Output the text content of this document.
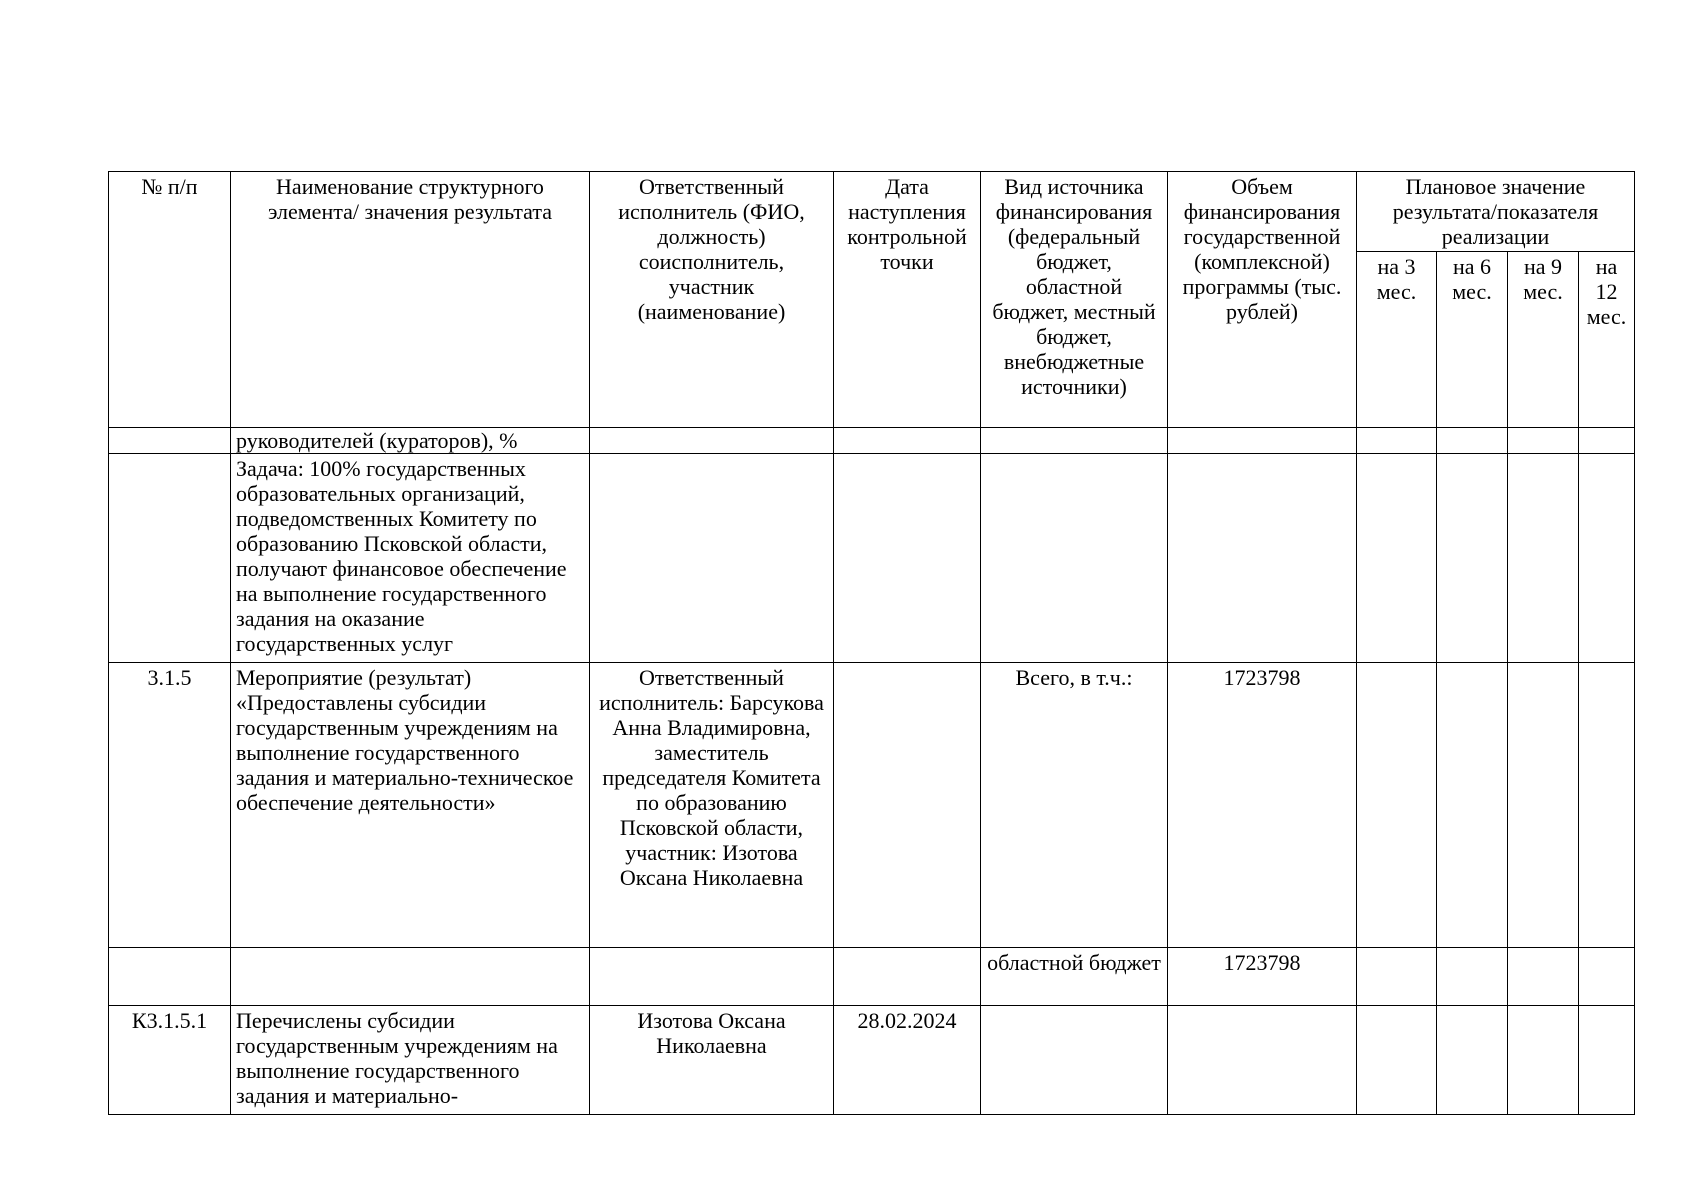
№ п/п	Наименование структурного элемента/ значения результата	Ответственный исполнитель (ФИО, должность) соисполнитель, участник (наименование)	Дата наступления контрольной точки	Вид источника финансирования (федеральный бюджет, областной бюджет, местный бюджет, внебюджетные источники)	Объем финансирования государственной (комплексной) программы (тыс. рублей)	Плановое значение результата/показателя реализации			
						на 3 мес.	на 6 мес.	на 9 мес.	на 12 мес.
	руководителей (кураторов), %								
	Задача: 100% государственных образовательных организаций, подведомственных Комитету по образованию Псковской области, получают финансовое обеспечение на выполнение государственного задания на оказание государственных услуг								
3.1.5	Мероприятие (результат) «Предоставлены субсидии государственным учреждениям на выполнение государственного задания и материально-техническое обеспечение деятельности»	Ответственный исполнитель: Барсукова Анна Владимировна, заместитель председателя Комитета по образованию Псковской области, участник: Изотова Оксана Николаевна		Всего, в т.ч.:	1723798				
				областной бюджет	1723798				
К3.1.5.1	Перечислены субсидии государственным учреждениям на выполнение государственного задания и материально-	Изотова Оксана Николаевна	28.02.2024						
